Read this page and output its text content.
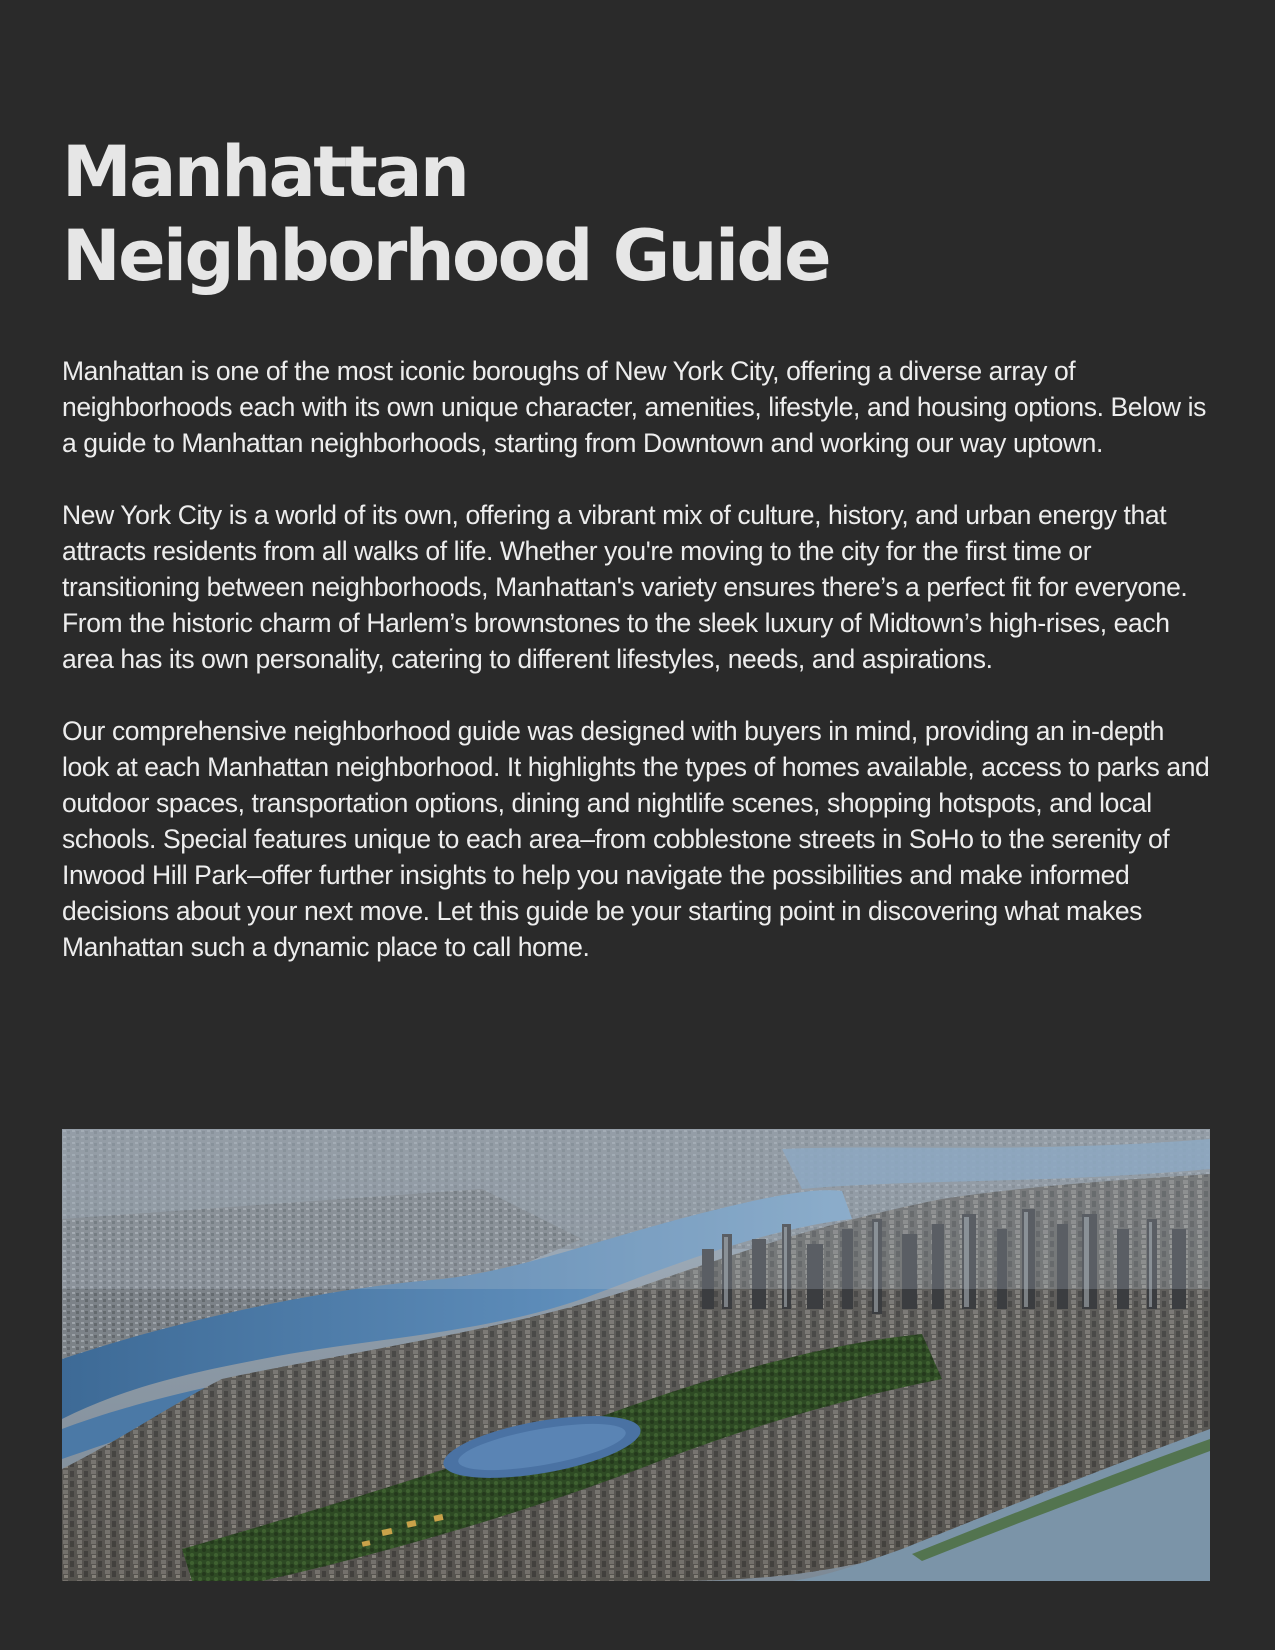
Manhattan
Neighborhood Guide

Manhattan is one of the most iconic boroughs of New York City, offering a diverse array of neighborhoods each with its own unique character, amenities, lifestyle, and housing options. Below is a guide to Manhattan neighborhoods, starting from Downtown and working our way uptown.

New York City is a world of its own, offering a vibrant mix of culture, history, and urban energy that attracts residents from all walks of life. Whether you're moving to the city for the first time or transitioning between neighborhoods, Manhattan's variety ensures there’s a perfect fit for everyone. From the historic charm of Harlem’s brownstones to the sleek luxury of Midtown’s high-rises, each area has its own personality, catering to different lifestyles, needs, and aspirations.

Our comprehensive neighborhood guide was designed with buyers in mind, providing an in-depth look at each Manhattan neighborhood. It highlights the types of homes available, access to parks and outdoor spaces, transportation options, dining and nightlife scenes, shopping hotspots, and local schools. Special features unique to each area–from cobblestone streets in SoHo to the serenity of Inwood Hill Park–offer further insights to help you navigate the possibilities and make informed decisions about your next move. Let this guide be your starting point in discovering what makes Manhattan such a dynamic place to call home.
